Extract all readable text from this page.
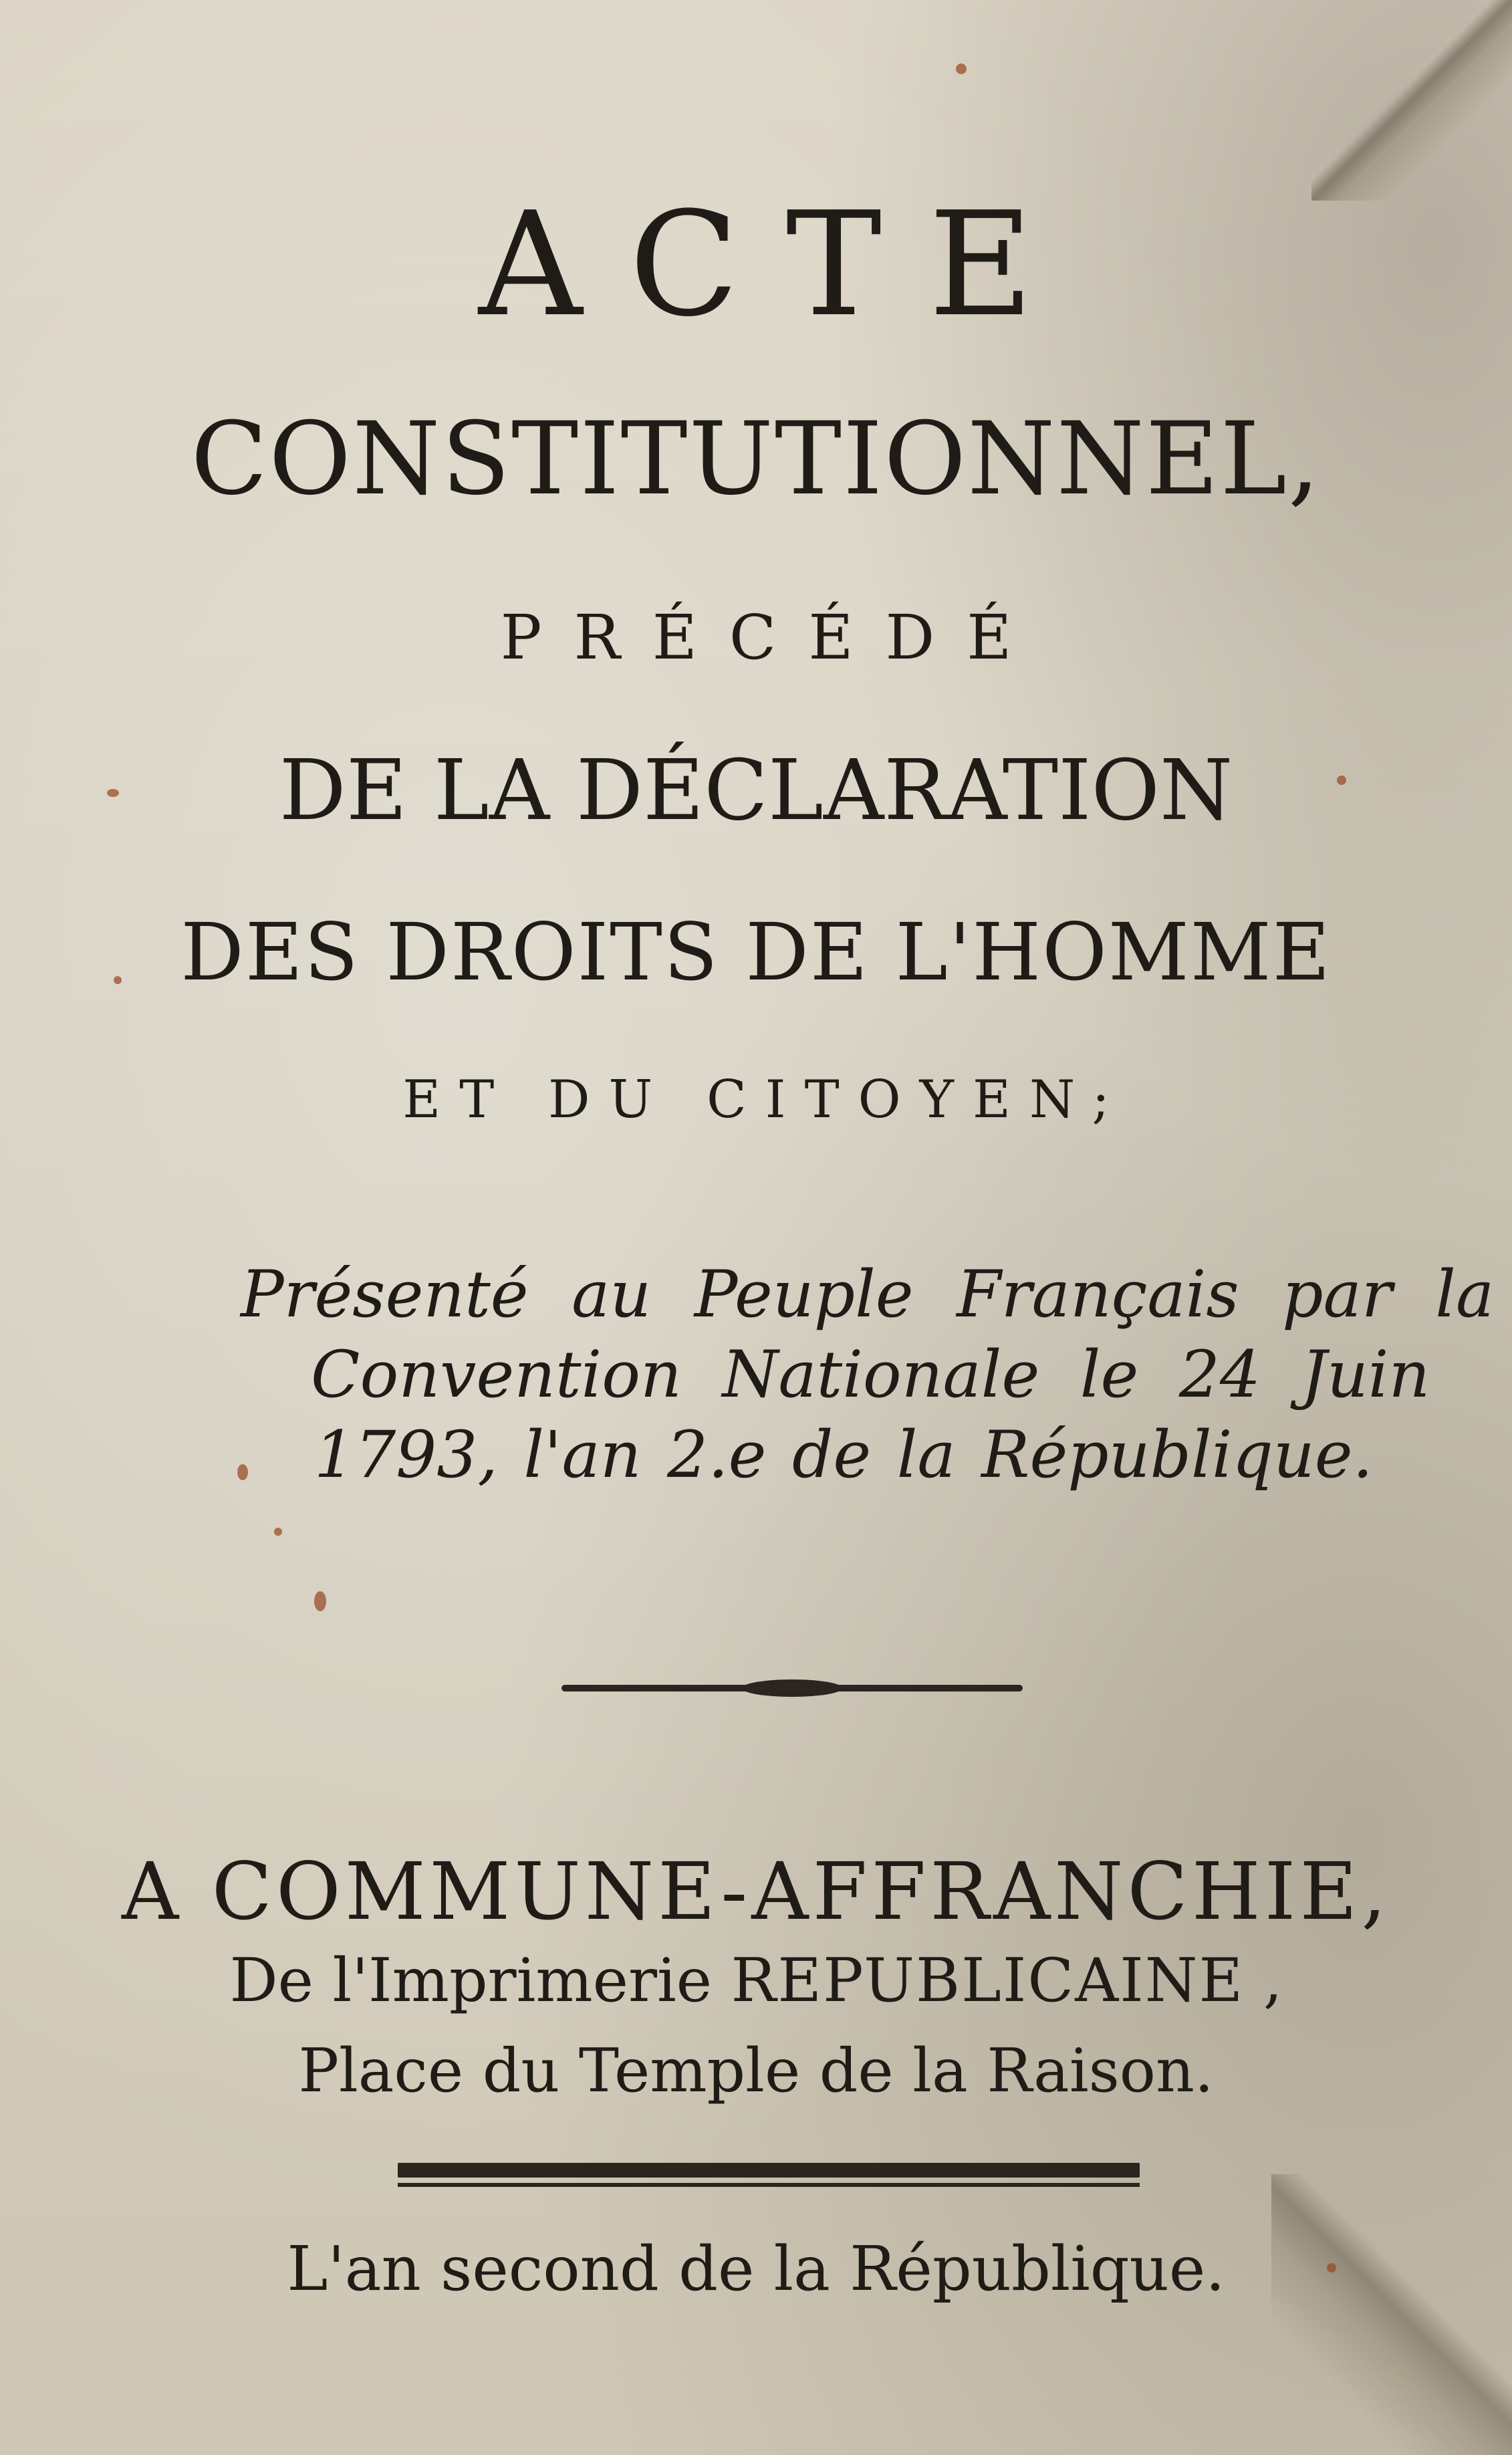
ACTE
CONSTITUTIONNEL,
PRÉCÉDÉ
DE LA DÉCLARATION
DES DROITS DE L'HOMME
ET DU CITOYEN;
Présenté au Peuple Français par la
Convention Nationale le 24 Juin
1793, l'an 2.e de la République.
A COMMUNE-AFFRANCHIE,
De l'Imprimerie REPUBLICAINE ,
Place du Temple de la Raison.
L'an second de la République.
